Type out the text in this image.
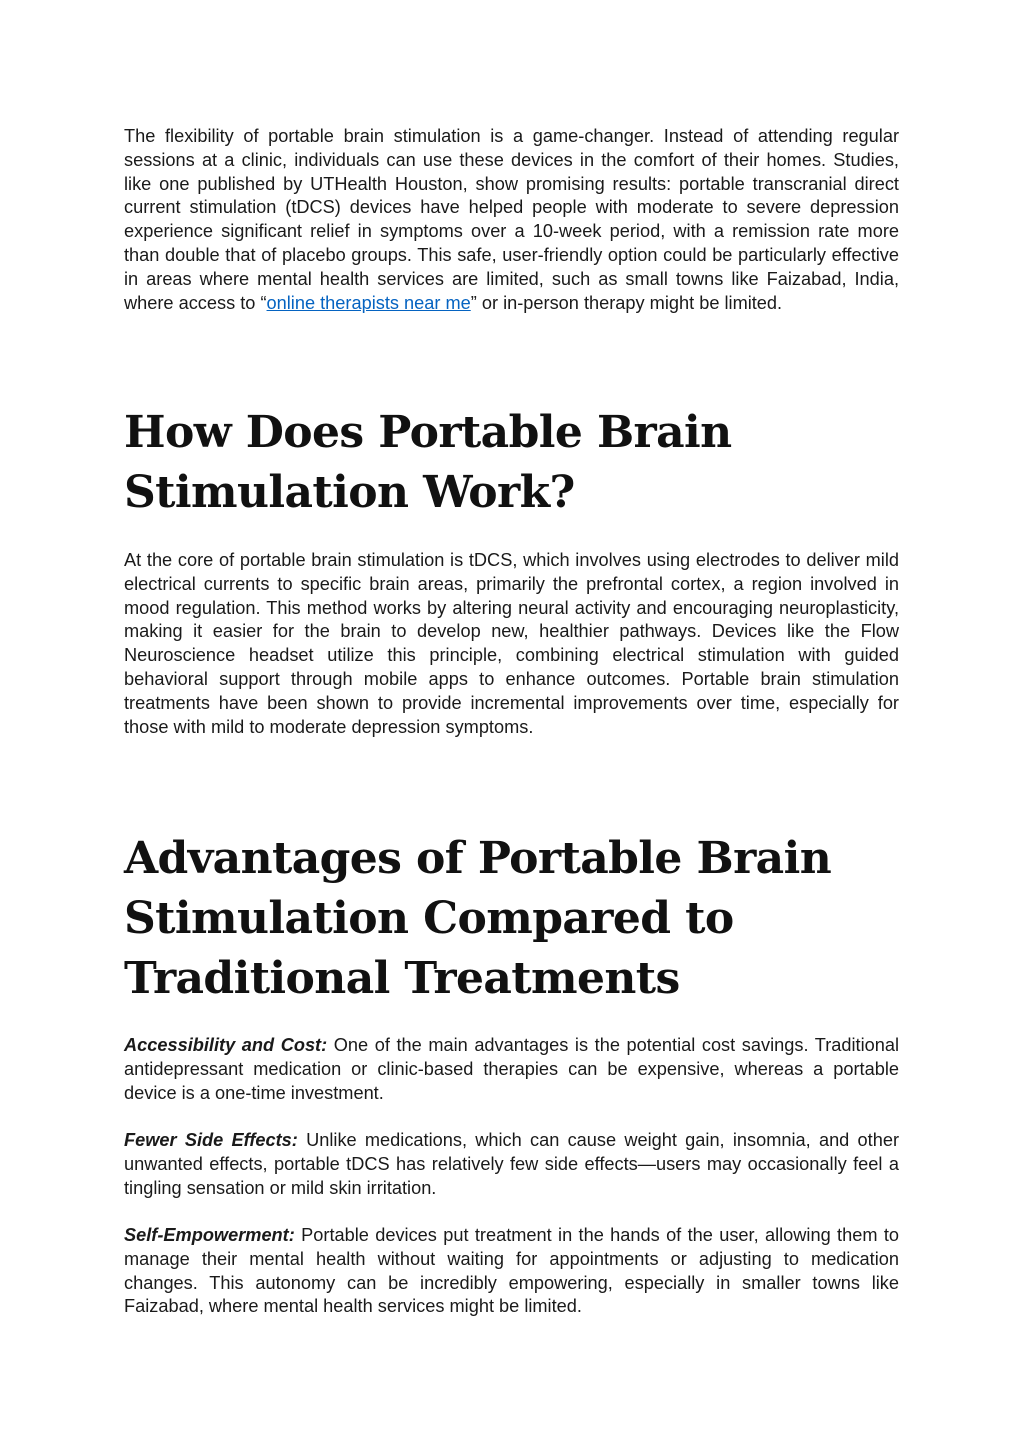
The flexibility of portable brain stimulation is a game-changer. Instead of attending regular sessions at a clinic, individuals can use these devices in the comfort of their homes. Studies, like one published by UTHealth Houston, show promising results: portable transcranial direct current stimulation (tDCS) devices have helped people with moderate to severe depression experience significant relief in symptoms over a 10-week period, with a remission rate more than double that of placebo groups. This safe, user-friendly option could be particularly effective in areas where mental health services are limited, such as small towns like Faizabad, India, where access to “online therapists near me” or in-person therapy might be limited.

How Does Portable Brain Stimulation Work?

At the core of portable brain stimulation is tDCS, which involves using electrodes to deliver mild electrical currents to specific brain areas, primarily the prefrontal cortex, a region involved in mood regulation. This method works by altering neural activity and encouraging neuroplasticity, making it easier for the brain to develop new, healthier pathways. Devices like the Flow Neuroscience headset utilize this principle, combining electrical stimulation with guided behavioral support through mobile apps to enhance outcomes. Portable brain stimulation treatments have been shown to provide incremental improvements over time, especially for those with mild to moderate depression symptoms.

Advantages of Portable Brain Stimulation Compared to Traditional Treatments

Accessibility and Cost: One of the main advantages is the potential cost savings. Traditional antidepressant medication or clinic-based therapies can be expensive, whereas a portable device is a one-time investment.

Fewer Side Effects: Unlike medications, which can cause weight gain, insomnia, and other unwanted effects, portable tDCS has relatively few side effects—users may occasionally feel a tingling sensation or mild skin irritation.

Self-Empowerment: Portable devices put treatment in the hands of the user, allowing them to manage their mental health without waiting for appointments or adjusting to medication changes. This autonomy can be incredibly empowering, especially in smaller towns like Faizabad, where mental health services might be limited.
